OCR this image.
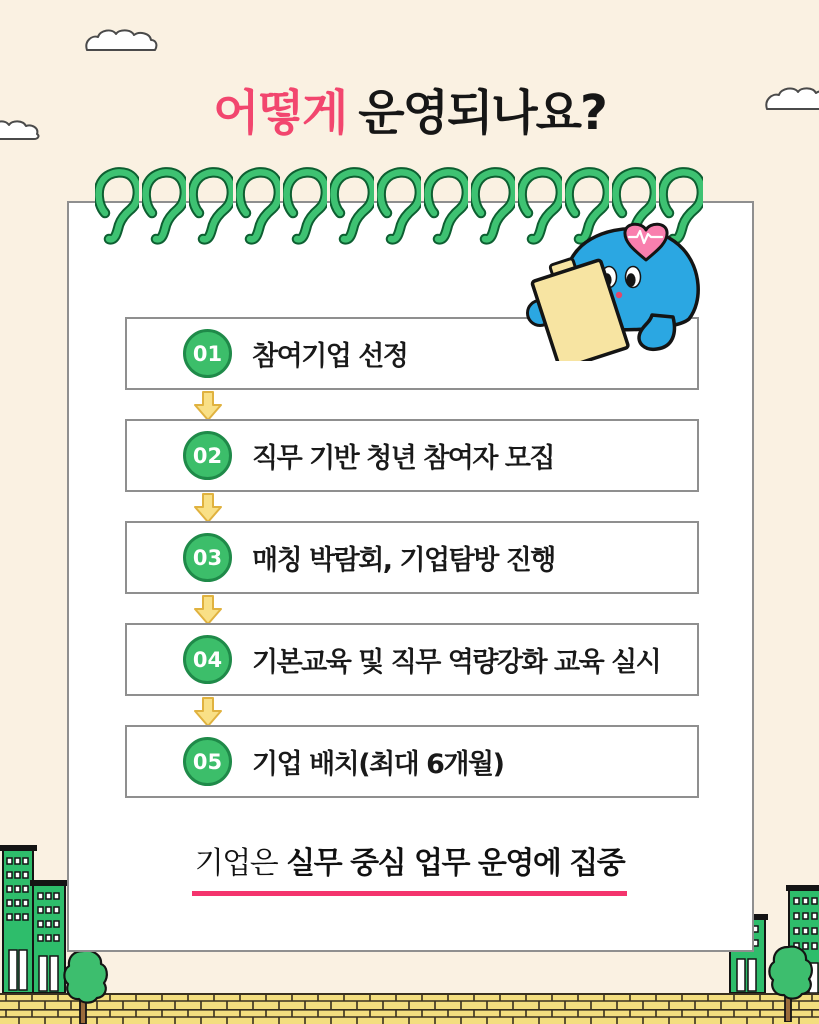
어떻게 운영되나요?
01	참여기업 선정
02	직무 기반 청년 참여자 모집
03	매칭 박람회, 기업탐방 진행
04	기본교육 및 직무 역량강화 교육 실시
05	기업 배치(최대 6개월)
기업은 실무 중심 업무 운영에 집중
